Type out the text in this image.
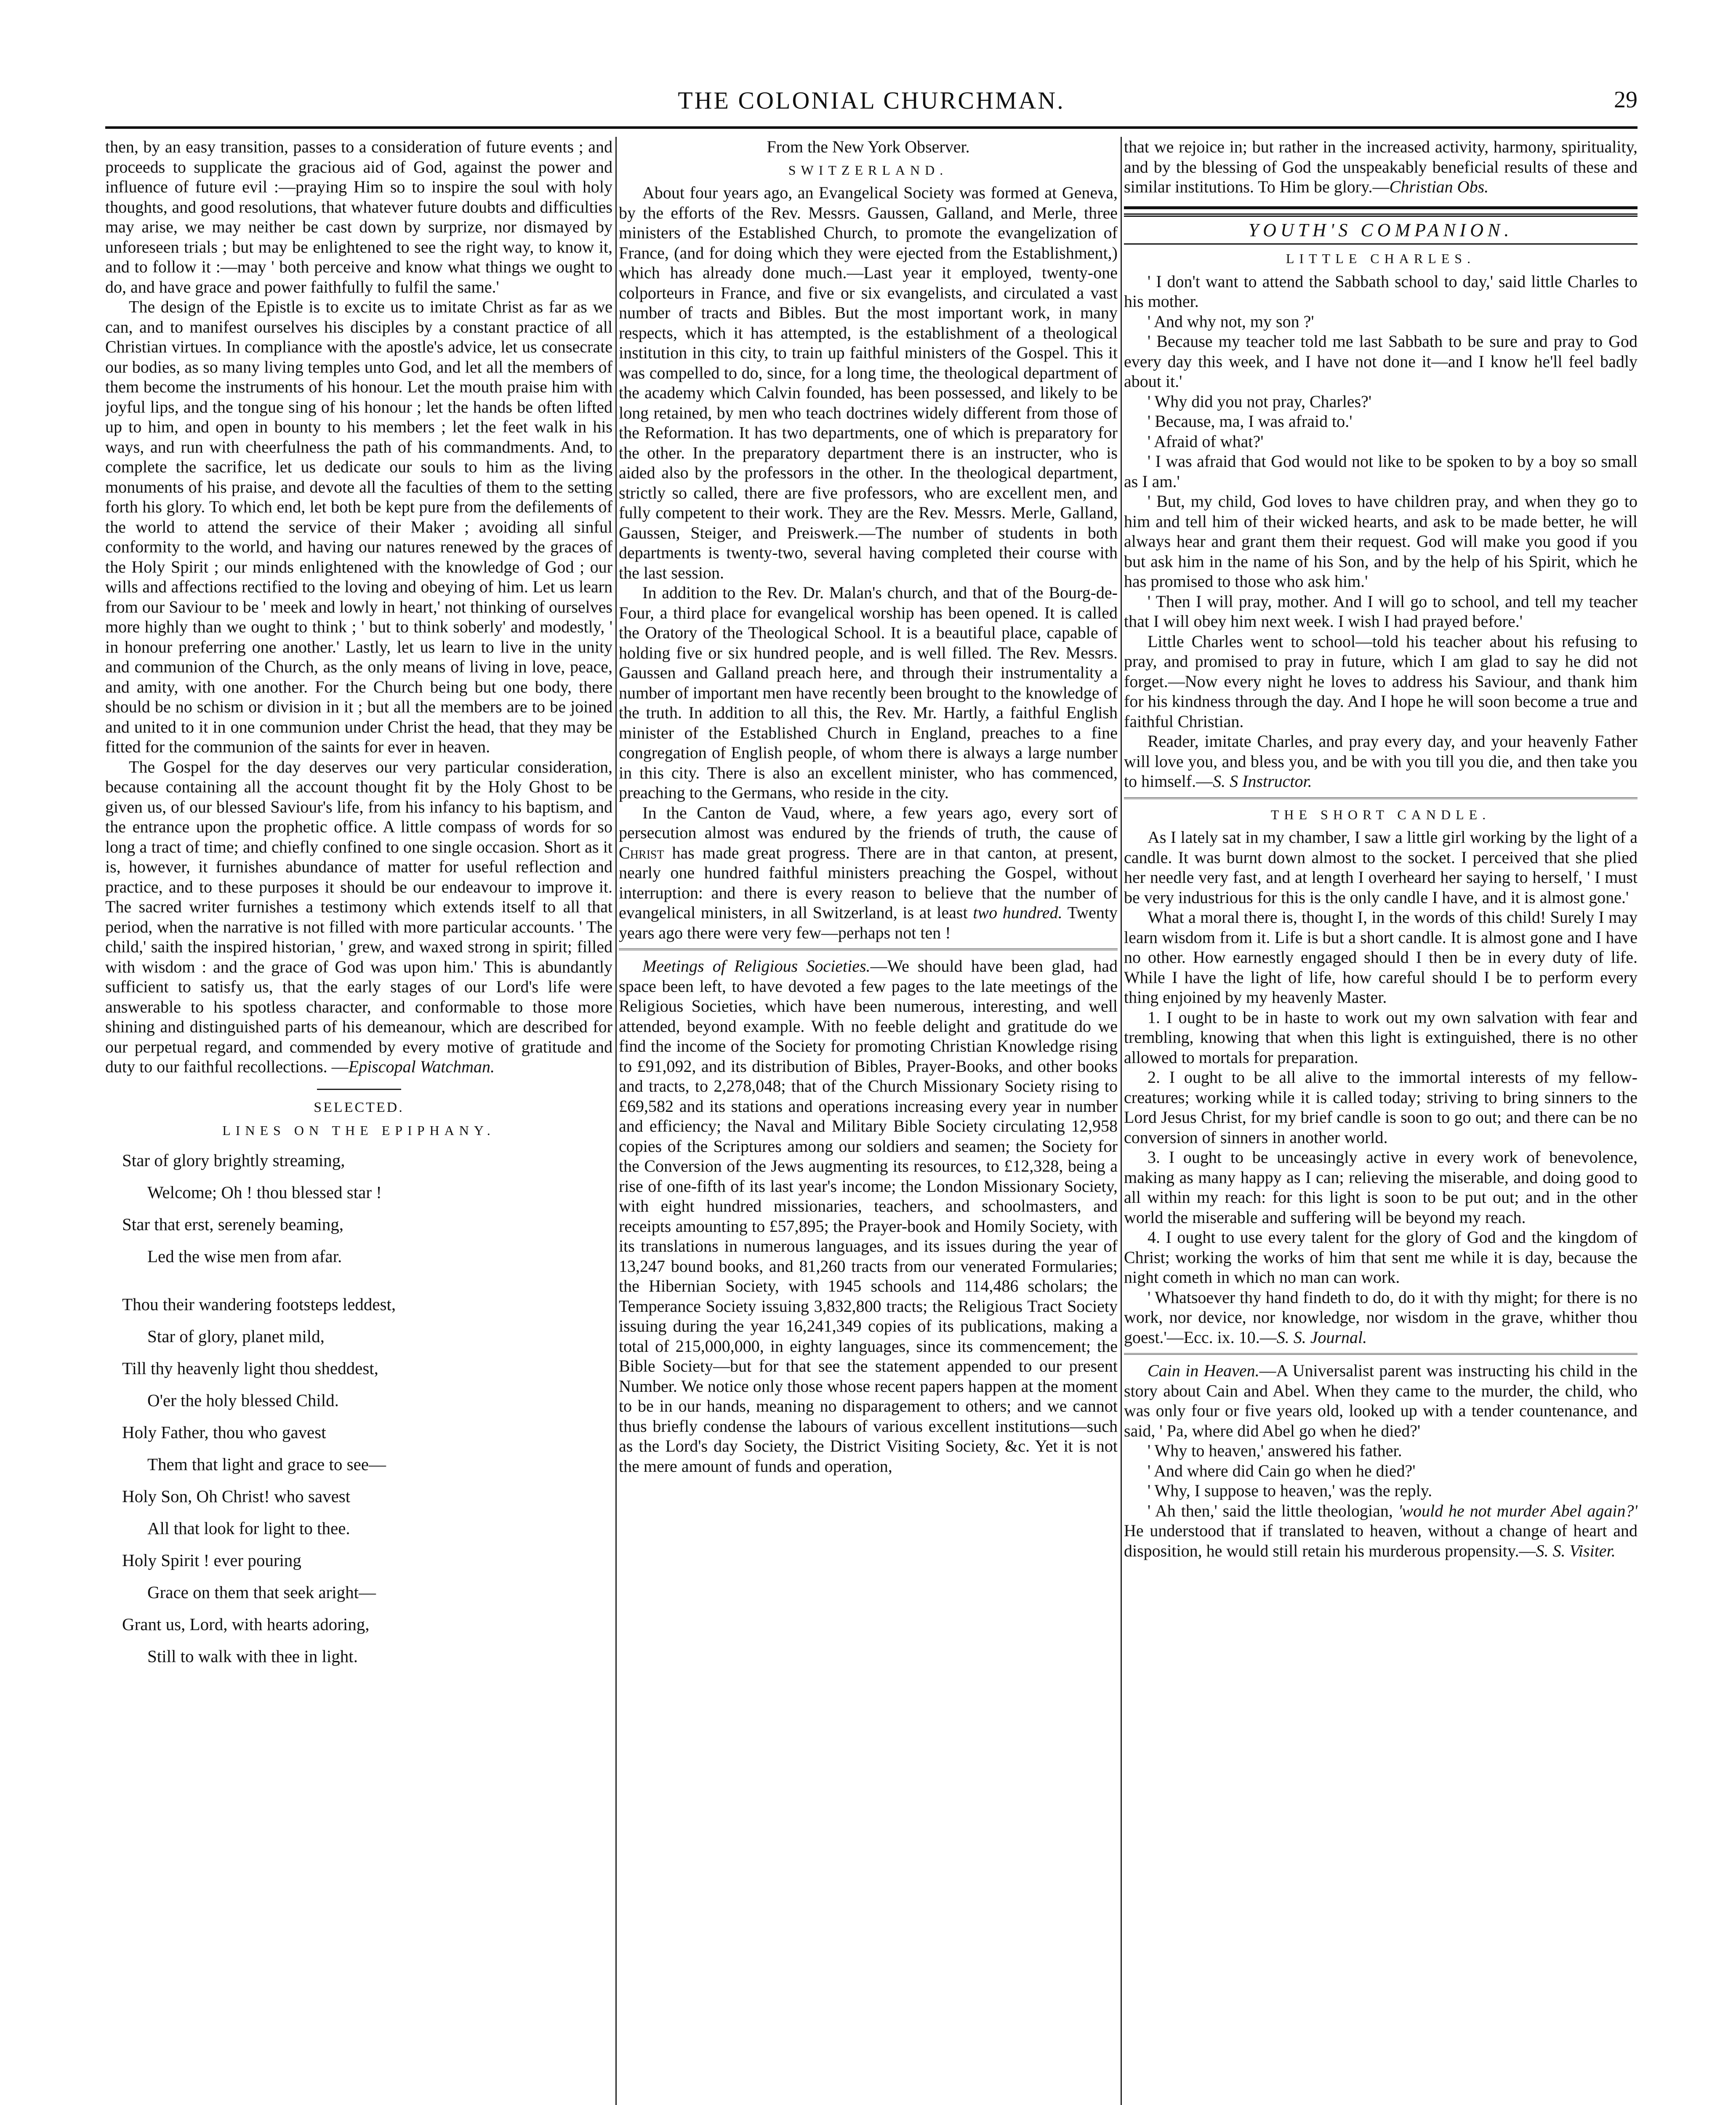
THE COLONIAL CHURCHMAN.	29

then, by an easy transition, passes to a consideration of future events ; and proceeds to supplicate the gracious aid of God, against the power and influence of future evil :—praying Him so to inspire the soul with holy thoughts, and good resolutions, that whatever future doubts and difficulties may arise, we may neither be cast down by surprize, nor dismayed by unforeseen trials ; but may be enlightened to see the right way, to know it, and to follow it :—may ' both perceive and know what things we ought to do, and have grace and power faithfully to fulfil the same.'

The design of the Epistle is to excite us to imitate Christ as far as we can, and to manifest ourselves his disciples by a constant practice of all Christian virtues. In compliance with the apostle's advice, let us consecrate our bodies, as so many living temples unto God, and let all the members of them become the instruments of his honour. Let the mouth praise him with joyful lips, and the tongue sing of his honour ; let the hands be often lifted up to him, and open in bounty to his members ; let the feet walk in his ways, and run with cheerfulness the path of his commandments. And, to complete the sacrifice, let us dedicate our souls to him as the living monuments of his praise, and devote all the faculties of them to the setting forth his glory. To which end, let both be kept pure from the defilements of the world to attend the service of their Maker ; avoiding all sinful conformity to the world, and having our natures renewed by the graces of the Holy Spirit ; our minds enlightened with the knowledge of God ; our wills and affections rectified to the loving and obeying of him. Let us learn from our Saviour to be ' meek and lowly in heart,' not thinking of ourselves more highly than we ought to think ; ' but to think soberly' and modestly, ' in honour preferring one another.' Lastly, let us learn to live in the unity and communion of the Church, as the only means of living in love, peace, and amity, with one another. For the Church being but one body, there should be no schism or division in it ; but all the members are to be joined and united to it in one communion under Christ the head, that they may be fitted for the communion of the saints for ever in heaven.

The Gospel for the day deserves our very particular consideration, because containing all the account thought fit by the Holy Ghost to be given us, of our blessed Saviour's life, from his infancy to his baptism, and the entrance upon the prophetic office. A little compass of words for so long a tract of time; and chiefly confined to one single occasion. Short as it is, however, it furnishes abundance of matter for useful reflection and practice, and to these purposes it should be our endeavour to improve it. The sacred writer furnishes a testimony which extends itself to all that period, when the narrative is not filled with more particular accounts. ' The child,' saith the inspired historian, ' grew, and waxed strong in spirit; filled with wisdom : and the grace of God was upon him.' This is abundantly sufficient to satisfy us, that the early stages of our Lord's life were answerable to his spotless character, and conformable to those more shining and distinguished parts of his demeanour, which are described for our perpetual regard, and commended by every motive of gratitude and duty to our faithful recollections. —Episcopal Watchman.

SELECTED.
LINES ON THE EPIPHANY.
Star of glory brightly streaming,
Welcome; Oh ! thou blessed star !
Star that erst, serenely beaming,
Led the wise men from afar.
Thou their wandering footsteps leddest,
Star of glory, planet mild,
Till thy heavenly light thou sheddest,
O'er the holy blessed Child.
Holy Father, thou who gavest
Them that light and grace to see—
Holy Son, Oh Christ! who savest
All that look for light to thee.
Holy Spirit ! ever pouring
Grace on them that seek aright—
Grant us, Lord, with hearts adoring,
Still to walk with thee in light.

From the New York Observer.

SWITZERLAND.

About four years ago, an Evangelical Society was formed at Geneva, by the efforts of the Rev. Messrs. Gaussen, Galland, and Merle, three ministers of the Established Church, to promote the evangelization of France, (and for doing which they were ejected from the Establishment,) which has already done much.—Last year it employed, twenty-one colporteurs in France, and five or six evangelists, and circulated a vast number of tracts and Bibles. But the most important work, in many respects, which it has attempted, is the establishment of a theological institution in this city, to train up faithful ministers of the Gospel. This it was compelled to do, since, for a long time, the theological department of the academy which Calvin founded, has been possessed, and likely to be long retained, by men who teach doctrines widely different from those of the Reformation. It has two departments, one of which is preparatory for the other. In the preparatory department there is an instructer, who is aided also by the professors in the other. In the theological department, strictly so called, there are five professors, who are excellent men, and fully competent to their work. They are the Rev. Messrs. Merle, Galland, Gaussen, Steiger, and Preiswerk.—The number of students in both departments is twenty-two, several having completed their course with the last session.

In addition to the Rev. Dr. Malan's church, and that of the Bourg-de-Four, a third place for evangelical worship has been opened. It is called the Oratory of the Theological School. It is a beautiful place, capable of holding five or six hundred people, and is well filled. The Rev. Messrs. Gaussen and Galland preach here, and through their instrumentality a number of important men have recently been brought to the knowledge of the truth. In addition to all this, the Rev. Mr. Hartly, a faithful English minister of the Established Church in England, preaches to a fine congregation of English people, of whom there is always a large number in this city. There is also an excellent minister, who has commenced, preaching to the Germans, who reside in the city.

In the Canton de Vaud, where, a few years ago, every sort of persecution almost was endured by the friends of truth, the cause of Christ has made great progress. There are in that canton, at present, nearly one hundred faithful ministers preaching the Gospel, without interruption: and there is every reason to believe that the number of evangelical ministers, in all Switzerland, is at least two hundred. Twenty years ago there were very few—perhaps not ten !

Meetings of Religious Societies.—We should have been glad, had space been left, to have devoted a few pages to the late meetings of the Religious Societies, which have been numerous, interesting, and well attended, beyond example. With no feeble delight and gratitude do we find the income of the Society for promoting Christian Knowledge rising to £91,092, and its distribution of Bibles, Prayer-Books, and other books and tracts, to 2,278,048; that of the Church Missionary Society rising to £69,582 and its stations and operations increasing every year in number and efficiency; the Naval and Military Bible Society circulating 12,958 copies of the Scriptures among our soldiers and seamen; the Society for the Conversion of the Jews augmenting its resources, to £12,328, being a rise of one-fifth of its last year's income; the London Missionary Society, with eight hundred missionaries, teachers, and schoolmasters, and receipts amounting to £57,895; the Prayer-book and Homily Society, with its translations in numerous languages, and its issues during the year of 13,247 bound books, and 81,260 tracts from our venerated Formularies; the Hibernian Society, with 1945 schools and 114,486 scholars; the Temperance Society issuing 3,832,800 tracts; the Religious Tract Society issuing during the year 16,241,349 copies of its publications, making a total of 215,000,000, in eighty languages, since its commencement; the Bible Society—but for that see the statement appended to our present Number. We notice only those whose recent papers happen at the moment to be in our hands, meaning no disparagement to others; and we cannot thus briefly condense the labours of various excellent institutions—such as the Lord's day Society, the District Visiting Society, &c. Yet it is not the mere amount of funds and operation,

that we rejoice in; but rather in the increased activity, harmony, spirituality, and by the blessing of God the unspeakably beneficial results of these and similar institutions. To Him be glory.—Christian Obs.

YOUTH'S COMPANION.
LITTLE CHARLES.

' I don't want to attend the Sabbath school to day,' said little Charles to his mother.

' And why not, my son ?'

' Because my teacher told me last Sabbath to be sure and pray to God every day this week, and I have not done it—and I know he'll feel badly about it.'

' Why did you not pray, Charles?'

' Because, ma, I was afraid to.'

' Afraid of what?'

' I was afraid that God would not like to be spoken to by a boy so small as I am.'

' But, my child, God loves to have children pray, and when they go to him and tell him of their wicked hearts, and ask to be made better, he will always hear and grant them their request. God will make you good if you but ask him in the name of his Son, and by the help of his Spirit, which he has promised to those who ask him.'

' Then I will pray, mother. And I will go to school, and tell my teacher that I will obey him next week. I wish I had prayed before.'

Little Charles went to school—told his teacher about his refusing to pray, and promised to pray in future, which I am glad to say he did not forget.—Now every night he loves to address his Saviour, and thank him for his kindness through the day. And I hope he will soon become a true and faithful Christian.

Reader, imitate Charles, and pray every day, and your heavenly Father will love you, and bless you, and be with you till you die, and then take you to himself.—S. S Instructor.

THE SHORT CANDLE.

As I lately sat in my chamber, I saw a little girl working by the light of a candle. It was burnt down almost to the socket. I perceived that she plied her needle very fast, and at length I overheard her saying to herself, ' I must be very industrious for this is the only candle I have, and it is almost gone.'

What a moral there is, thought I, in the words of this child! Surely I may learn wisdom from it. Life is but a short candle. It is almost gone and I have no other. How earnestly engaged should I then be in every duty of life. While I have the light of life, how careful should I be to perform every thing enjoined by my heavenly Master.

1. I ought to be in haste to work out my own salvation with fear and trembling, knowing that when this light is extinguished, there is no other allowed to mortals for preparation.

2. I ought to be all alive to the immortal interests of my fellow-creatures; working while it is called today; striving to bring sinners to the Lord Jesus Christ, for my brief candle is soon to go out; and there can be no conversion of sinners in another world.

3. I ought to be unceasingly active in every work of benevolence, making as many happy as I can; relieving the miserable, and doing good to all within my reach: for this light is soon to be put out; and in the other world the miserable and suffering will be beyond my reach.

4. I ought to use every talent for the glory of God and the kingdom of Christ; working the works of him that sent me while it is day, because the night cometh in which no man can work.

' Whatsoever thy hand findeth to do, do it with thy might; for there is no work, nor device, nor knowledge, nor wisdom in the grave, whither thou goest.'—Ecc. ix. 10.—S. S. Journal.

Cain in Heaven.—A Universalist parent was instructing his child in the story about Cain and Abel. When they came to the murder, the child, who was only four or five years old, looked up with a tender countenance, and said, ' Pa, where did Abel go when he died?'

' Why to heaven,' answered his father.

' And where did Cain go when he died?'

' Why, I suppose to heaven,' was the reply.

' Ah then,' said the little theologian, 'would he not murder Abel again?' He understood that if translated to heaven, without a change of heart and disposition, he would still retain his murderous propensity.—S. S. Visiter.
